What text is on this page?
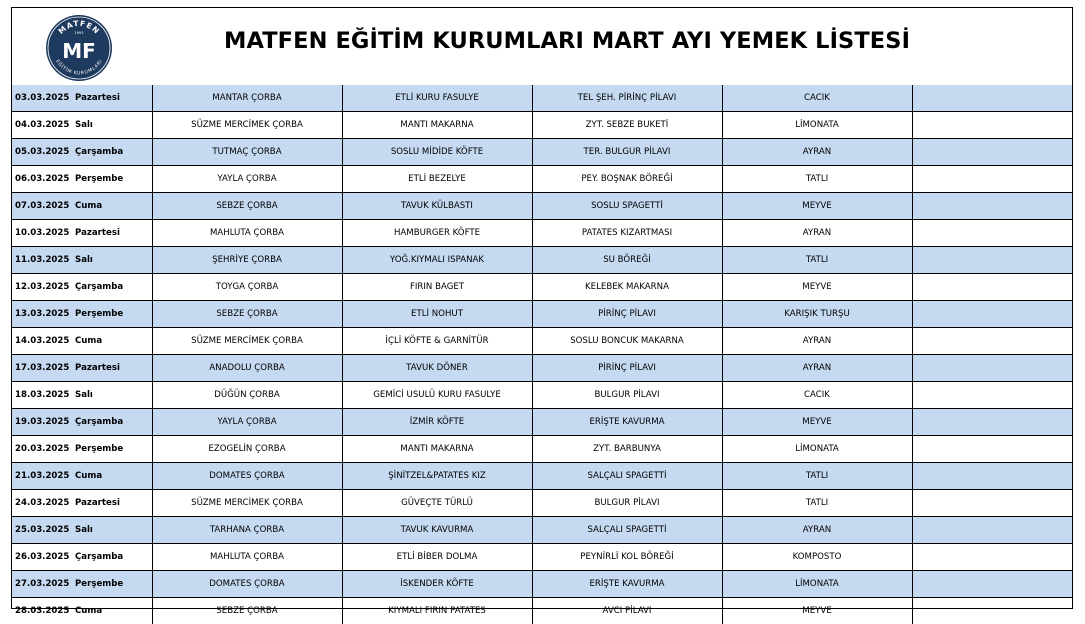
MATFEN
EĞİTİM KURUMLARI
1993
MF	MATFEN EĞİTİM KURUMLARI MART AYI YEMEK LİSTESİ
03.03.2025 Pazartesi	MANTAR ÇORBA	ETLİ KURU FASULYE	TEL ŞEH. PİRİNÇ PİLAVI	CACIK	
04.03.2025 Salı	SÜZME MERCİMEK ÇORBA	MANTI MAKARNA	ZYT. SEBZE BUKETİ	LİMONATA	
05.03.2025 Çarşamba	TUTMAÇ ÇORBA	SOSLU MİDİDE KÖFTE	TER. BULGUR PİLAVI	AYRAN	
06.03.2025 Perşembe	YAYLA ÇORBA	ETLİ BEZELYE	PEY. BOŞNAK BÖREĞİ	TATLI	
07.03.2025 Cuma	SEBZE ÇORBA	TAVUK KÜLBASTI	SOSLU SPAGETTİ	MEYVE	
10.03.2025 Pazartesi	MAHLUTA ÇORBA	HAMBURGER KÖFTE	PATATES KIZARTMASI	AYRAN	
11.03.2025 Salı	ŞEHRİYE ÇORBA	YOĞ.KIYMALI ISPANAK	SU BÖREĞİ	TATLI	
12.03.2025 Çarşamba	TOYGA ÇORBA	FIRIN BAGET	KELEBEK MAKARNA	MEYVE	
13.03.2025 Perşembe	SEBZE ÇORBA	ETLİ NOHUT	PİRİNÇ PİLAVI	KARIŞIK TURŞU	
14.03.2025 Cuma	SÜZME MERCİMEK ÇORBA	İÇLİ KÖFTE & GARNİTÜR	SOSLU BONCUK MAKARNA	AYRAN	
17.03.2025 Pazartesi	ANADOLU ÇORBA	TAVUK DÖNER	PİRİNÇ PİLAVI	AYRAN	
18.03.2025 Salı	DÜĞÜN ÇORBA	GEMİCİ USULÜ KURU FASULYE	BULGUR PİLAVI	CACIK	
19.03.2025 Çarşamba	YAYLA ÇORBA	İZMİR KÖFTE	ERİŞTE KAVURMA	MEYVE	
20.03.2025 Perşembe	EZOGELİN ÇORBA	MANTI MAKARNA	ZYT. BARBUNYA	LİMONATA	
21.03.2025 Cuma	DOMATES ÇORBA	ŞİNİTZEL&PATATES KIZ	SALÇALI SPAGETTİ	TATLI	
24.03.2025 Pazartesi	SÜZME MERCİMEK ÇORBA	GÜVEÇTE TÜRLÜ	BULGUR PİLAVI	TATLI	
25.03.2025 Salı	TARHANA ÇORBA	TAVUK KAVURMA	SALÇALI SPAGETTİ	AYRAN	
26.03.2025 Çarşamba	MAHLUTA ÇORBA	ETLİ BİBER DOLMA	PEYNİRLİ KOL BÖREĞİ	KOMPOSTO	
27.03.2025 Perşembe	DOMATES ÇORBA	İSKENDER KÖFTE	ERİŞTE KAVURMA	LİMONATA	
28.03.2025 Cuma	SEBZE ÇORBA	KIYMALI FIRIN PATATES	AVCI PİLAVI	MEYVE	
